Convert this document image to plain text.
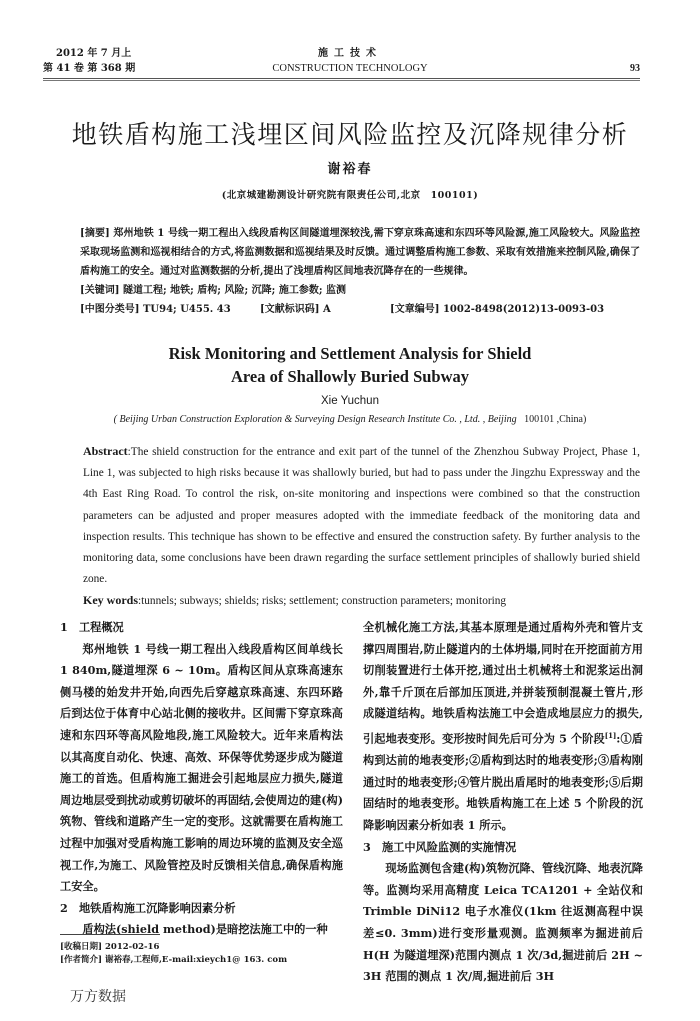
2012 年 7 月上
第 41 卷 第 368 期
施工技术
CONSTRUCTION TECHNOLOGY	93
地铁盾构施工浅埋区间风险监控及沉降规律分析
谢裕春
(北京城建勘测设计研究院有限责任公司,北京　100101)

[摘要] 郑州地铁 1 号线一期工程出入线段盾构区间隧道埋深较浅,需下穿京珠高速和东四环等风险源,施工风险较大。风险监控采取现场监测和巡视相结合的方式,将监测数据和巡视结果及时反馈。通过调整盾构施工参数、采取有效措施来控制风险,确保了盾构施工的安全。通过对监测数据的分析,提出了浅埋盾构区间地表沉降存在的一些规律。

[关键词] 隧道工程; 地铁; 盾构; 风险; 沉降; 施工参数; 监测

[中图分类号] TU94; U455. 43	[文献标识码] A	[文章编号] 1002-8498(2012)13-0093-03
Risk Monitoring and Settlement Analysis for Shield
Area of Shallowly Buried Subway
Xie Yuchun
( Beijing Urban Construction Exploration & Surveying Design Research Institute Co. , Ltd. , Beijing 100101 ,China)

Abstract:The shield construction for the entrance and exit part of the tunnel of the Zhenzhou Subway Project, Phase 1, Line 1, was subjected to high risks because it was shallowly buried, but had to pass under the Jingzhu Expressway and the 4th East Ring Road. To control the risk, on-site monitoring and inspections were combined so that the construction parameters can be adjusted and proper measures adopted with the immediate feedback of the monitoring data and inspection results. This technique has shown to be effective and ensured the construction safety. By further analysis to the monitoring data, some conclusions have been drawn regarding the surface settlement principles of shallowly buried shield zone.

Key words:tunnels; subways; shields; risks; settlement; construction parameters; monitoring

1　工程概况

郑州地铁 1 号线一期工程出入线段盾构区间单线长 1 840m,隧道埋深 6 ~ 10m。盾构区间从京珠高速东侧马楼的始发井开始,向西先后穿越京珠高速、东四环路后到达位于体育中心站北侧的接收井。区间需下穿京珠高速和东四环等高风险地段,施工风险较大。近年来盾构法以其高度自动化、快速、高效、环保等优势逐步成为隧道施工的首选。但盾构施工掘进会引起地层应力损失,隧道周边地层受到扰动或剪切破坏的再固结,会使周边的建(构)筑物、管线和道路产生一定的变形。这就需要在盾构施工过程中加强对受盾构施工影响的周边环境的监测及安全巡视工作,为施工、风险管控及时反馈相关信息,确保盾构施工安全。

2　地铁盾构施工沉降影响因素分析

盾构法(shield method)是暗挖法施工中的一种

全机械化施工方法,其基本原理是通过盾构外壳和管片支撑四周围岩,防止隧道内的土体坍塌,同时在开挖面前方用切削装置进行土体开挖,通过出土机械将土和泥浆运出洞外,靠千斤顶在后部加压顶进,并拼装预制混凝土管片,形成隧道结构。地铁盾构法施工中会造成地层应力的损失,引起地表变形。变形按时间先后可分为 5 个阶段[1]:①盾构到达前的地表变形;②盾构到达时的地表变形;③盾构刚通过时的地表变形;④管片脱出盾尾时的地表变形;⑤后期固结时的地表变形。地铁盾构施工在上述 5 个阶段的沉降影响因素分析如表 1 所示。

3　施工中风险监测的实施情况

现场监测包含建(构)筑物沉降、管线沉降、地表沉降等。监测均采用高精度 Leica TCA1201 + 全站仪和 Trimble DiNi12 电子水准仪(1km 往返测高程中误差≤0. 3mm)进行变形量观测。监测频率为掘进前后 H(H 为隧道埋深)范围内测点 1 次/3d,掘进前后 2H ~ 3H 范围的测点 1 次/周,掘进前后 3H

[收稿日期] 2012-02-16

[作者简介] 谢裕春,工程师,E-mail:xieych1@ 163. com

万方数据
